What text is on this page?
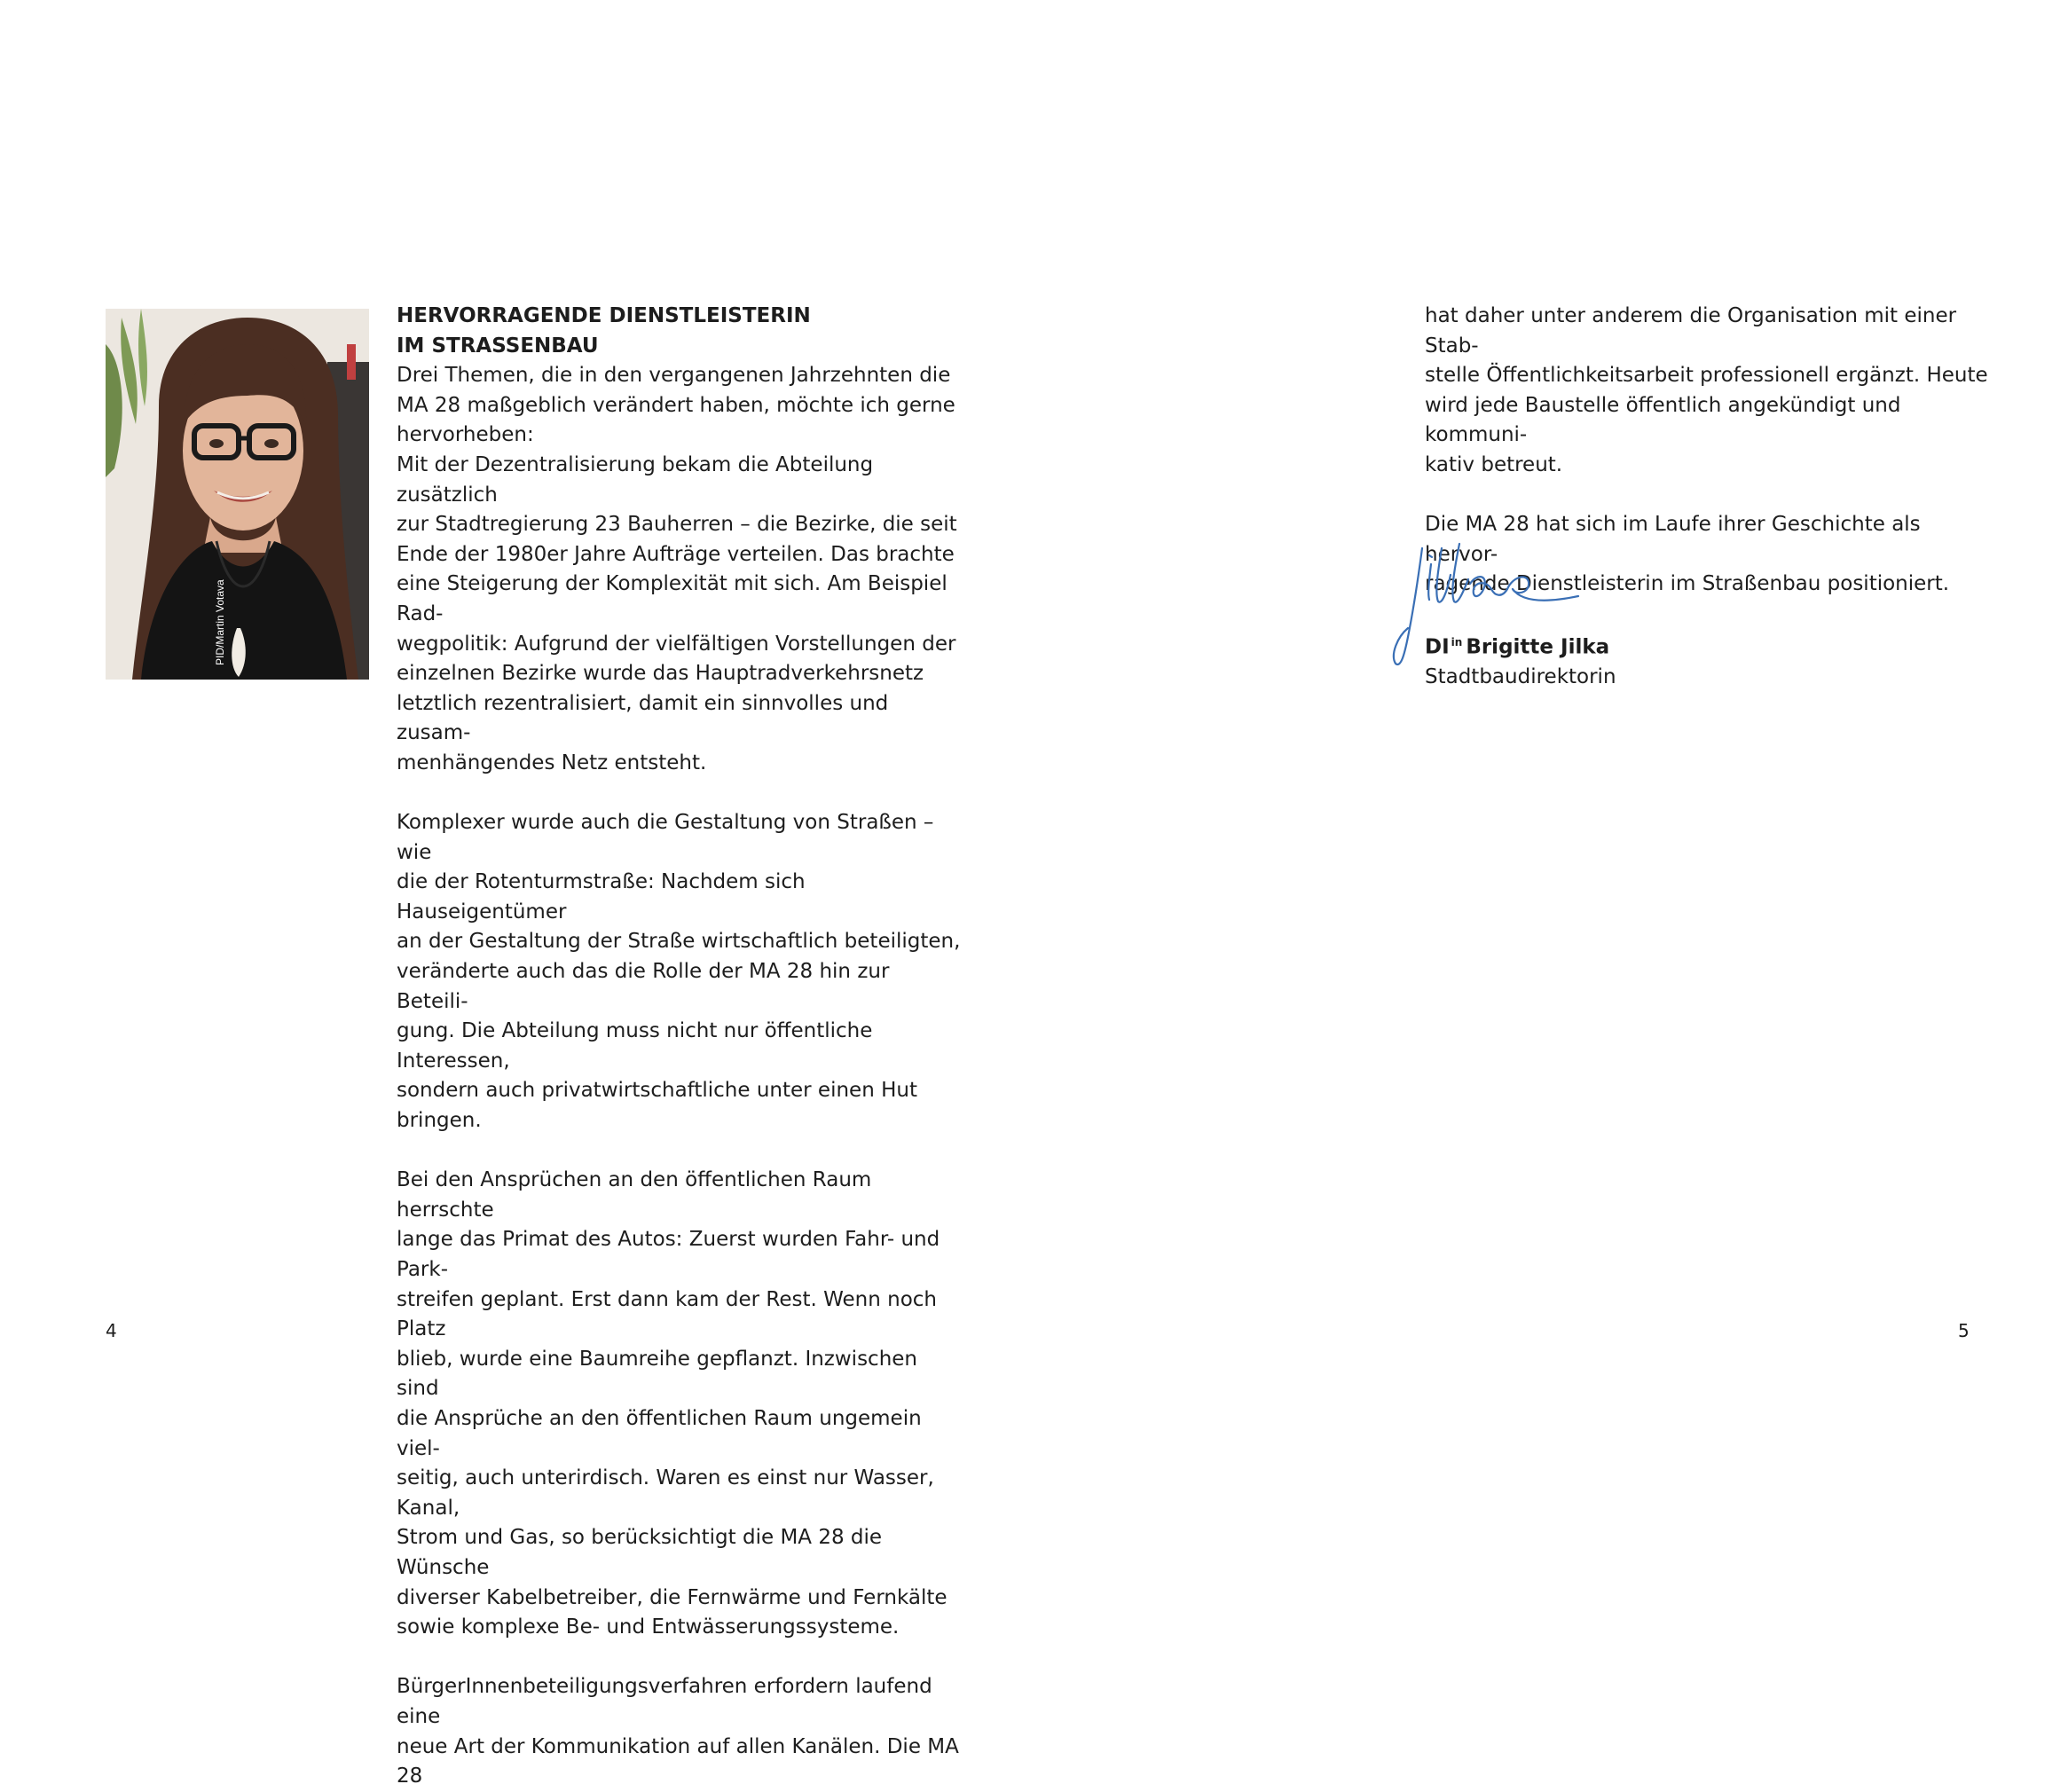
PID/Martin Votava

HERVORRAGENDE DIENSTLEISTERIN

IM STRASSENBAU

Drei Themen, die in den vergangenen Jahrzehnten die
MA 28 maßgeblich verändert haben, möchte ich gerne
hervorheben:
Mit der Dezentralisierung bekam die Abteilung zusätzlich
zur Stadtregierung 23 Bauherren – die Bezirke, die seit
Ende der 1980er Jahre Aufträge verteilen. Das brachte
eine Steigerung der Komplexität mit sich. Am Beispiel Rad-
wegpolitik: Aufgrund der vielfältigen Vorstellungen der
einzelnen Bezirke wurde das Hauptradverkehrsnetz
letztlich rezentralisiert, damit ein sinnvolles und zusam-
menhängendes Netz entsteht.
Komplexer wurde auch die Gestaltung von Straßen – wie
die der Rotenturmstraße: Nachdem sich Hauseigentümer
an der Gestaltung der Straße wirtschaftlich beteiligten,
veränderte auch das die Rolle der MA 28 hin zur Beteili-
gung. Die Abteilung muss nicht nur öffentliche Interessen,
sondern auch privatwirtschaftliche unter einen Hut bringen.
Bei den Ansprüchen an den öffentlichen Raum herrschte
lange das Primat des Autos: Zuerst wurden Fahr- und Park-
streifen geplant. Erst dann kam der Rest. Wenn noch Platz
blieb, wurde eine Baumreihe gepflanzt. Inzwischen sind
die Ansprüche an den öffentlichen Raum ungemein viel-
seitig, auch unterirdisch. Waren es einst nur Wasser, Kanal,
Strom und Gas, so berücksichtigt die MA 28 die Wünsche
diverser Kabelbetreiber, die Fernwärme und Fernkälte
sowie komplexe Be- und Entwässerungssysteme.
BürgerInnenbeteiligungsverfahren erfordern laufend eine
neue Art der Kommunikation auf allen Kanälen. Die MA 28
4
hat daher unter anderem die Organisation mit einer Stab-
stelle Öffentlichkeitsarbeit professionell ergänzt. Heute
wird jede Baustelle öffentlich angekündigt und kommuni-
kativ betreut.
Die MA 28 hat sich im Laufe ihrer Geschichte als hervor-
ragende Dienstleisterin im Straßenbau positioniert.
DI $^{in}$ Brigitte Jilka
Stadtbaudirektorin
5
